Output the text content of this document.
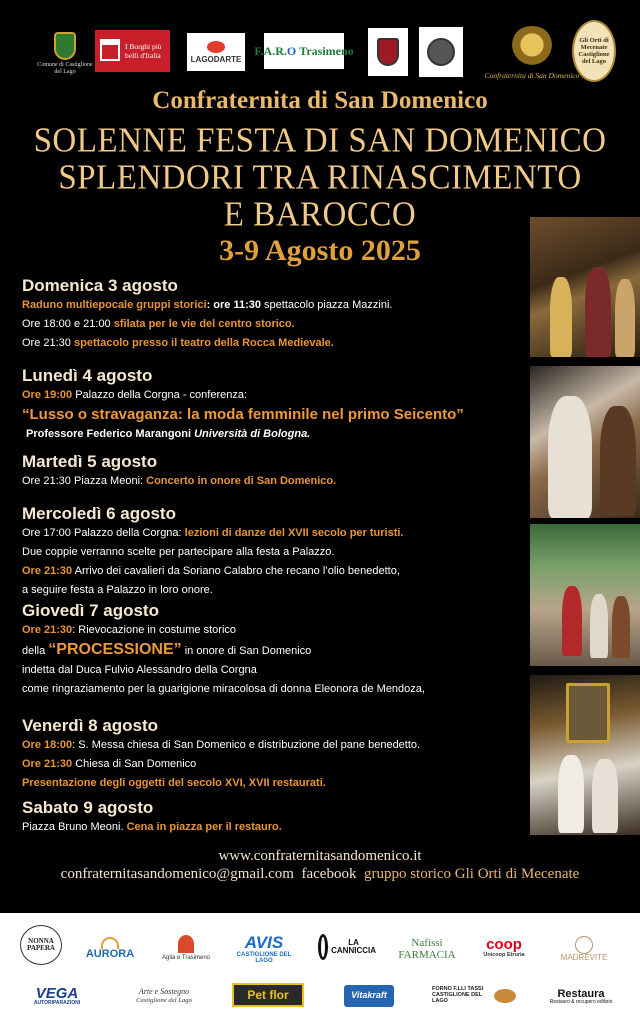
Comune di Castiglione del Lago
I Borghi più belli d'Italia	LAGODARTE
F.A.R. O
Trasimeno
Confraternita di San Domenico
Gli Orti di Mecenate Castiglione del Lago
Confraternita di San Domenico
SOLENNE FESTA DI SAN DOMENICO
SPLENDORI TRA RINASCIMENTO
E BAROCCO
3-9 Agosto 2025
Domenica 3 agosto
Raduno multiepocale gruppi storici: ore 11:30 spettacolo piazza Mazzini.
Ore 18:00 e 21:00 sfilata per le vie del centro storico.
Ore 21:30 spettacolo presso il teatro della Rocca Medievale.
Lunedì 4 agosto
Ore 19:00 Palazzo della Corgna - conferenza:
“Lusso o stravaganza: la moda femminile nel primo Seicento”
Professore Federico Marangoni Università di Bologna.
Martedì 5 agosto
Ore 21:30 Piazza Meoni: Concerto in onore di San Domenico.
Mercoledì 6 agosto
Ore 17:00 Palazzo della Corgna: lezioni di danze del XVII secolo per turisti.
Due coppie verranno scelte per partecipare alla festa a Palazzo.
Ore 21:30 Arrivo dei cavalieri da Soriano Calabro che recano l’olio benedetto,
a seguire festa a Palazzo in loro onore.
Giovedì 7 agosto
Ore 21:30: Rievocazione in costume storico
della “PROCESSIONE” in onore di San Domenico
indetta dal Duca Fulvio Alessandro della Corgna
come ringraziamento per la guarigione miracolosa di donna Eleonora de Mendoza,
Venerdì 8 agosto
Ore 18:00: S. Messa chiesa di San Domenico e distribuzione del pane benedetto.
Ore 21:30 Chiesa di San Domenico
Presentazione degli oggetti del secolo XVI, XVII restaurati.
Sabato 9 agosto
Piazza Bruno Meoni. Cena in piazza per il restauro.
www.confraternitasandomenico.it
confraternitasandomenico@gmail.com facebook gruppo storico Gli Orti di Mecenate
NONNA PAPERA
AURORA	Aglia e Trasimeno
AVIS
CASTIGLIONE DEL LAGO
LA CANNICCIA
Nafissi FARMACIA
coop
Unicoop Etruria	MADREVITE
VEGA
AUTORIPARAZIONI
Arte e Sostegno
Castiglione del Lago	Pet flor	Vitakraft
FORNO F.LLI TASSI CASTIGLIONE DEL LAGO
Restaura
Restauro & recupero edilizio
